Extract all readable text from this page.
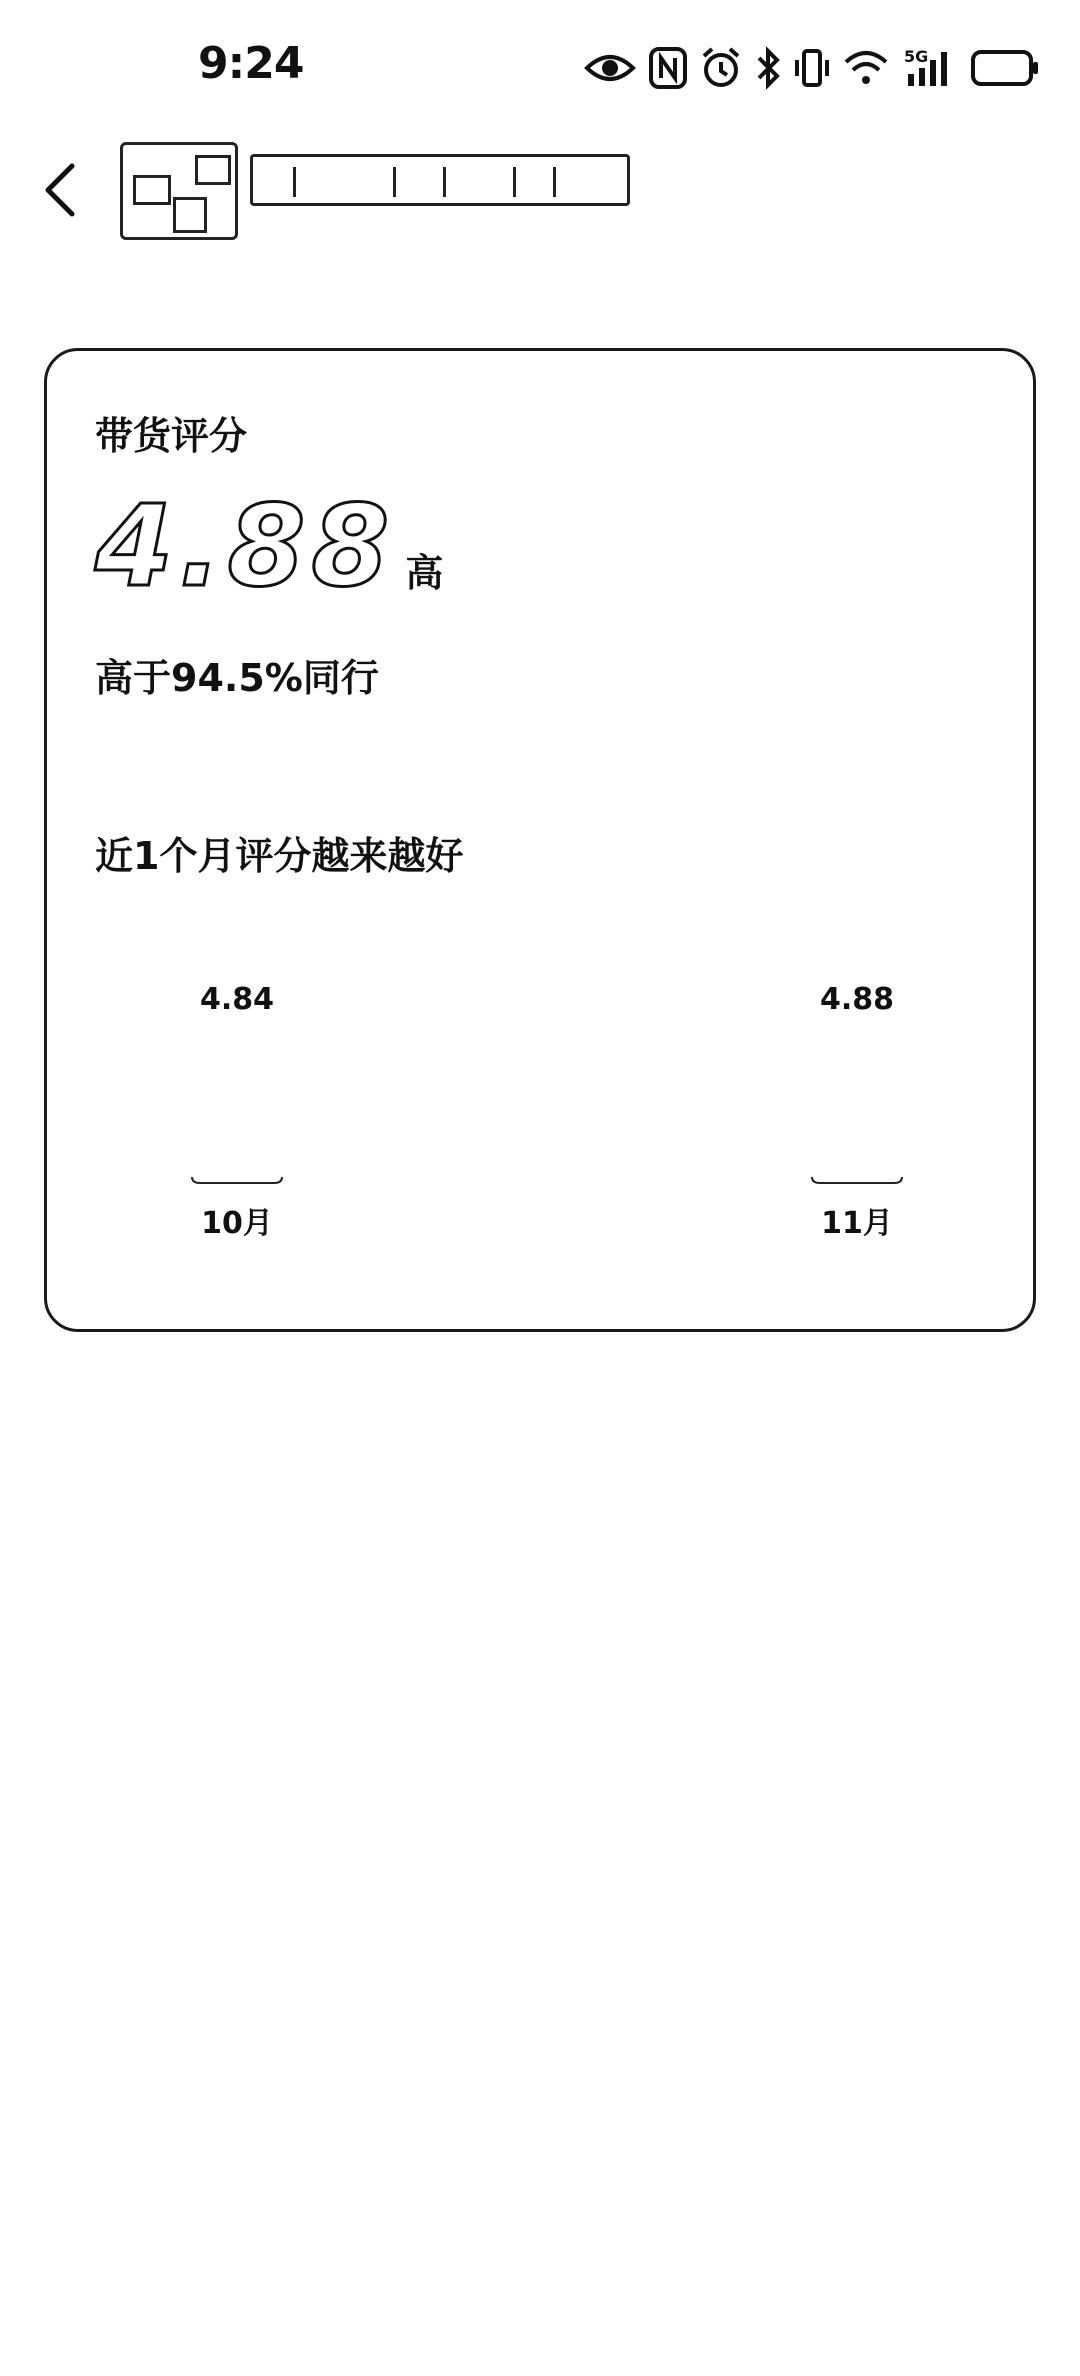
9:24	5G
带货评分
4.88 高
高于94.5%同行
近1个月评分越来越好
4.84
10月
4.88
11月
